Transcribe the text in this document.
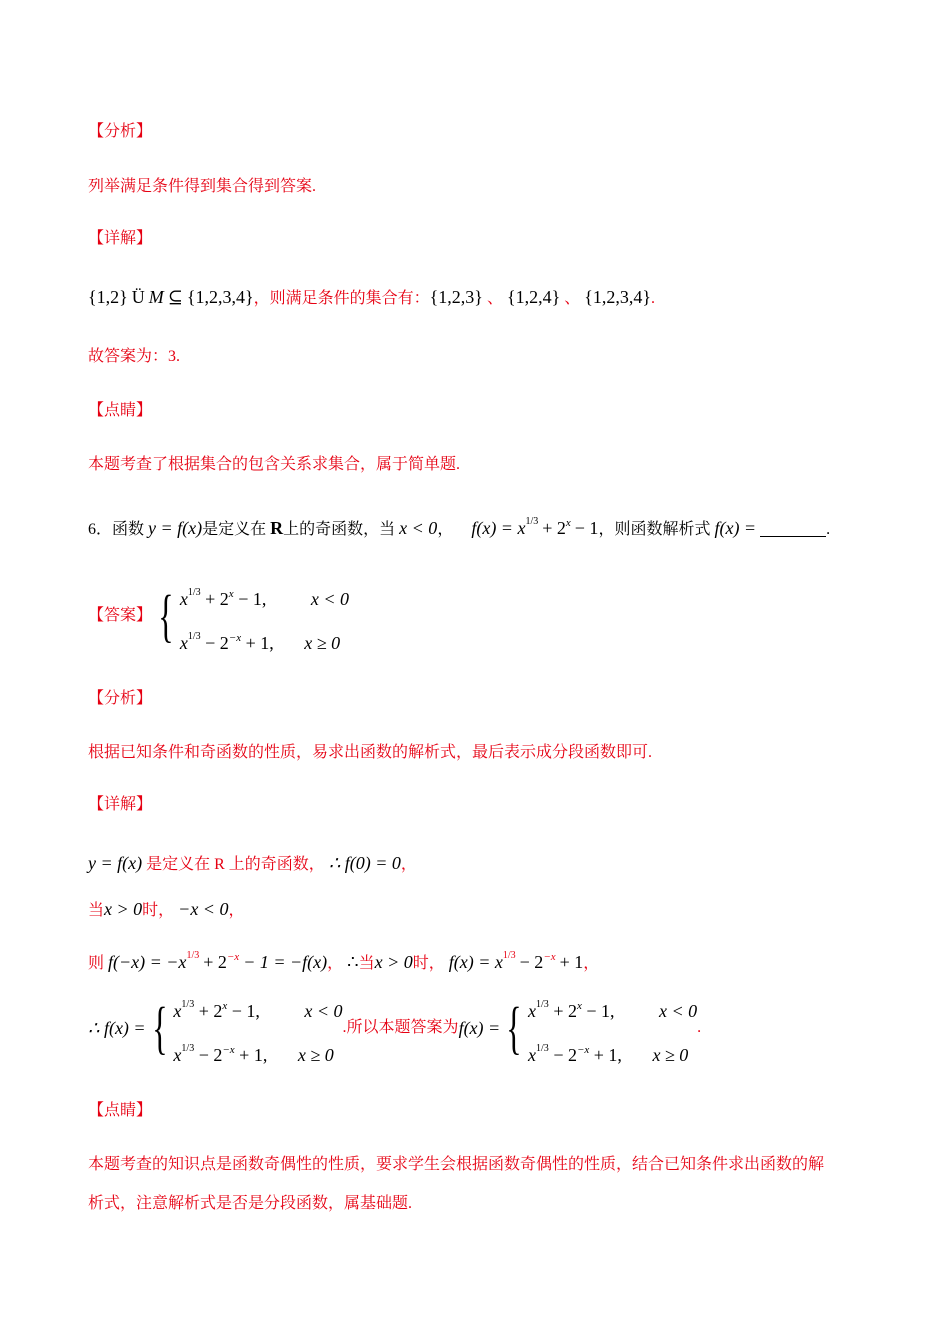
【分析】
列举满足条件得到集合得到答案.
【详解】
{1,2} Ü M ⊆ {1,2,3,4}，则满足条件的集合有：{1,2,3} 、 {1,2,4} 、 {1,2,3,4}.
故答案为：3.
【点睛】
本题考查了根据集合的包含关系求集合，属于简单题.
6．函数 y = f(x)是定义在 R上的奇函数，当 x < 0， $f(x) = x1/3 + 2^x - 1$，则函数解析式 f(x) =	.
【答案】 { $x1/3 + 2^x - 1$, x < 0
$x1/3 - 2^{-x} + 1$, x ≥ 0
【分析】
根据已知条件和奇函数的性质，易求出函数的解析式，最后表示成分段函数即可.
【详解】
y = f(x) 是定义在 R 上的奇函数， ∴ f(0) = 0，
当x > 0时， −x < 0，
则 $f(-x) = -x1/3 + 2^{-x} - 1 = -f(x)$， ∴当x > 0时， $f(x) = x1/3 - 2^{-x} + 1$，
∴ f(x) = { $x1/3 + 2^x - 1$, x < 0
$x1/3 - 2^{-x} + 1$, x ≥ 0
.所以本题答案为f(x) = { $x1/3 + 2^x - 1$, x < 0
$x1/3 - 2^{-x} + 1$, x ≥ 0
.
【点睛】
本题考查的知识点是函数奇偶性的性质，要求学生会根据函数奇偶性的性质，结合已知条件求出函数的解
析式，注意解析式是否是分段函数，属基础题.
